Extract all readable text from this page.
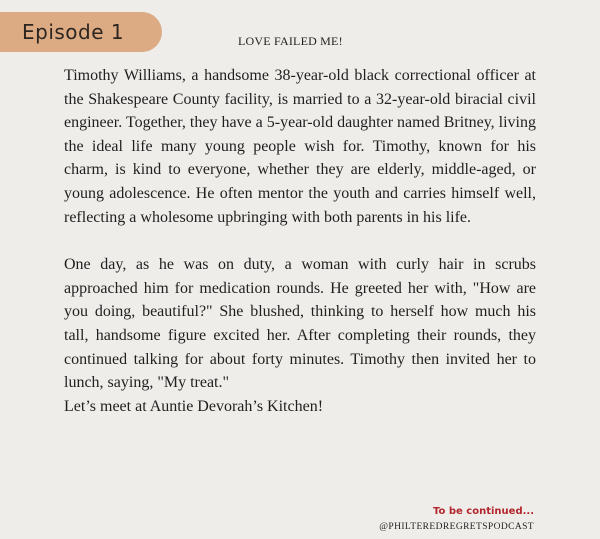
Episode 1	LOVE FAILED ME!

Timothy Williams, a handsome 38-year-old black correctional officer at the Shakespeare County facility, is married to a 32-year-old biracial civil engineer. Together, they have a 5-year-old daughter named Britney, living the ideal life many young people wish for. Timothy, known for his charm, is kind to everyone, whether they are elderly, middle-aged, or young adolescence. He often mentor the youth and carries himself well, reflecting a wholesome upbringing with both parents in his life.

One day, as he was on duty, a woman with curly hair in scrubs approached him for medication rounds. He greeted her with, "How are you doing, beautiful?" She blushed, thinking to herself how much his tall, handsome figure excited her. After completing their rounds, they continued talking for about forty minutes. Timothy then invited her to lunch, saying, "My treat."

Let’s meet at Auntie Devorah’s Kitchen!

To be continued...
@PHILTEREDREGRETSPODCAST
